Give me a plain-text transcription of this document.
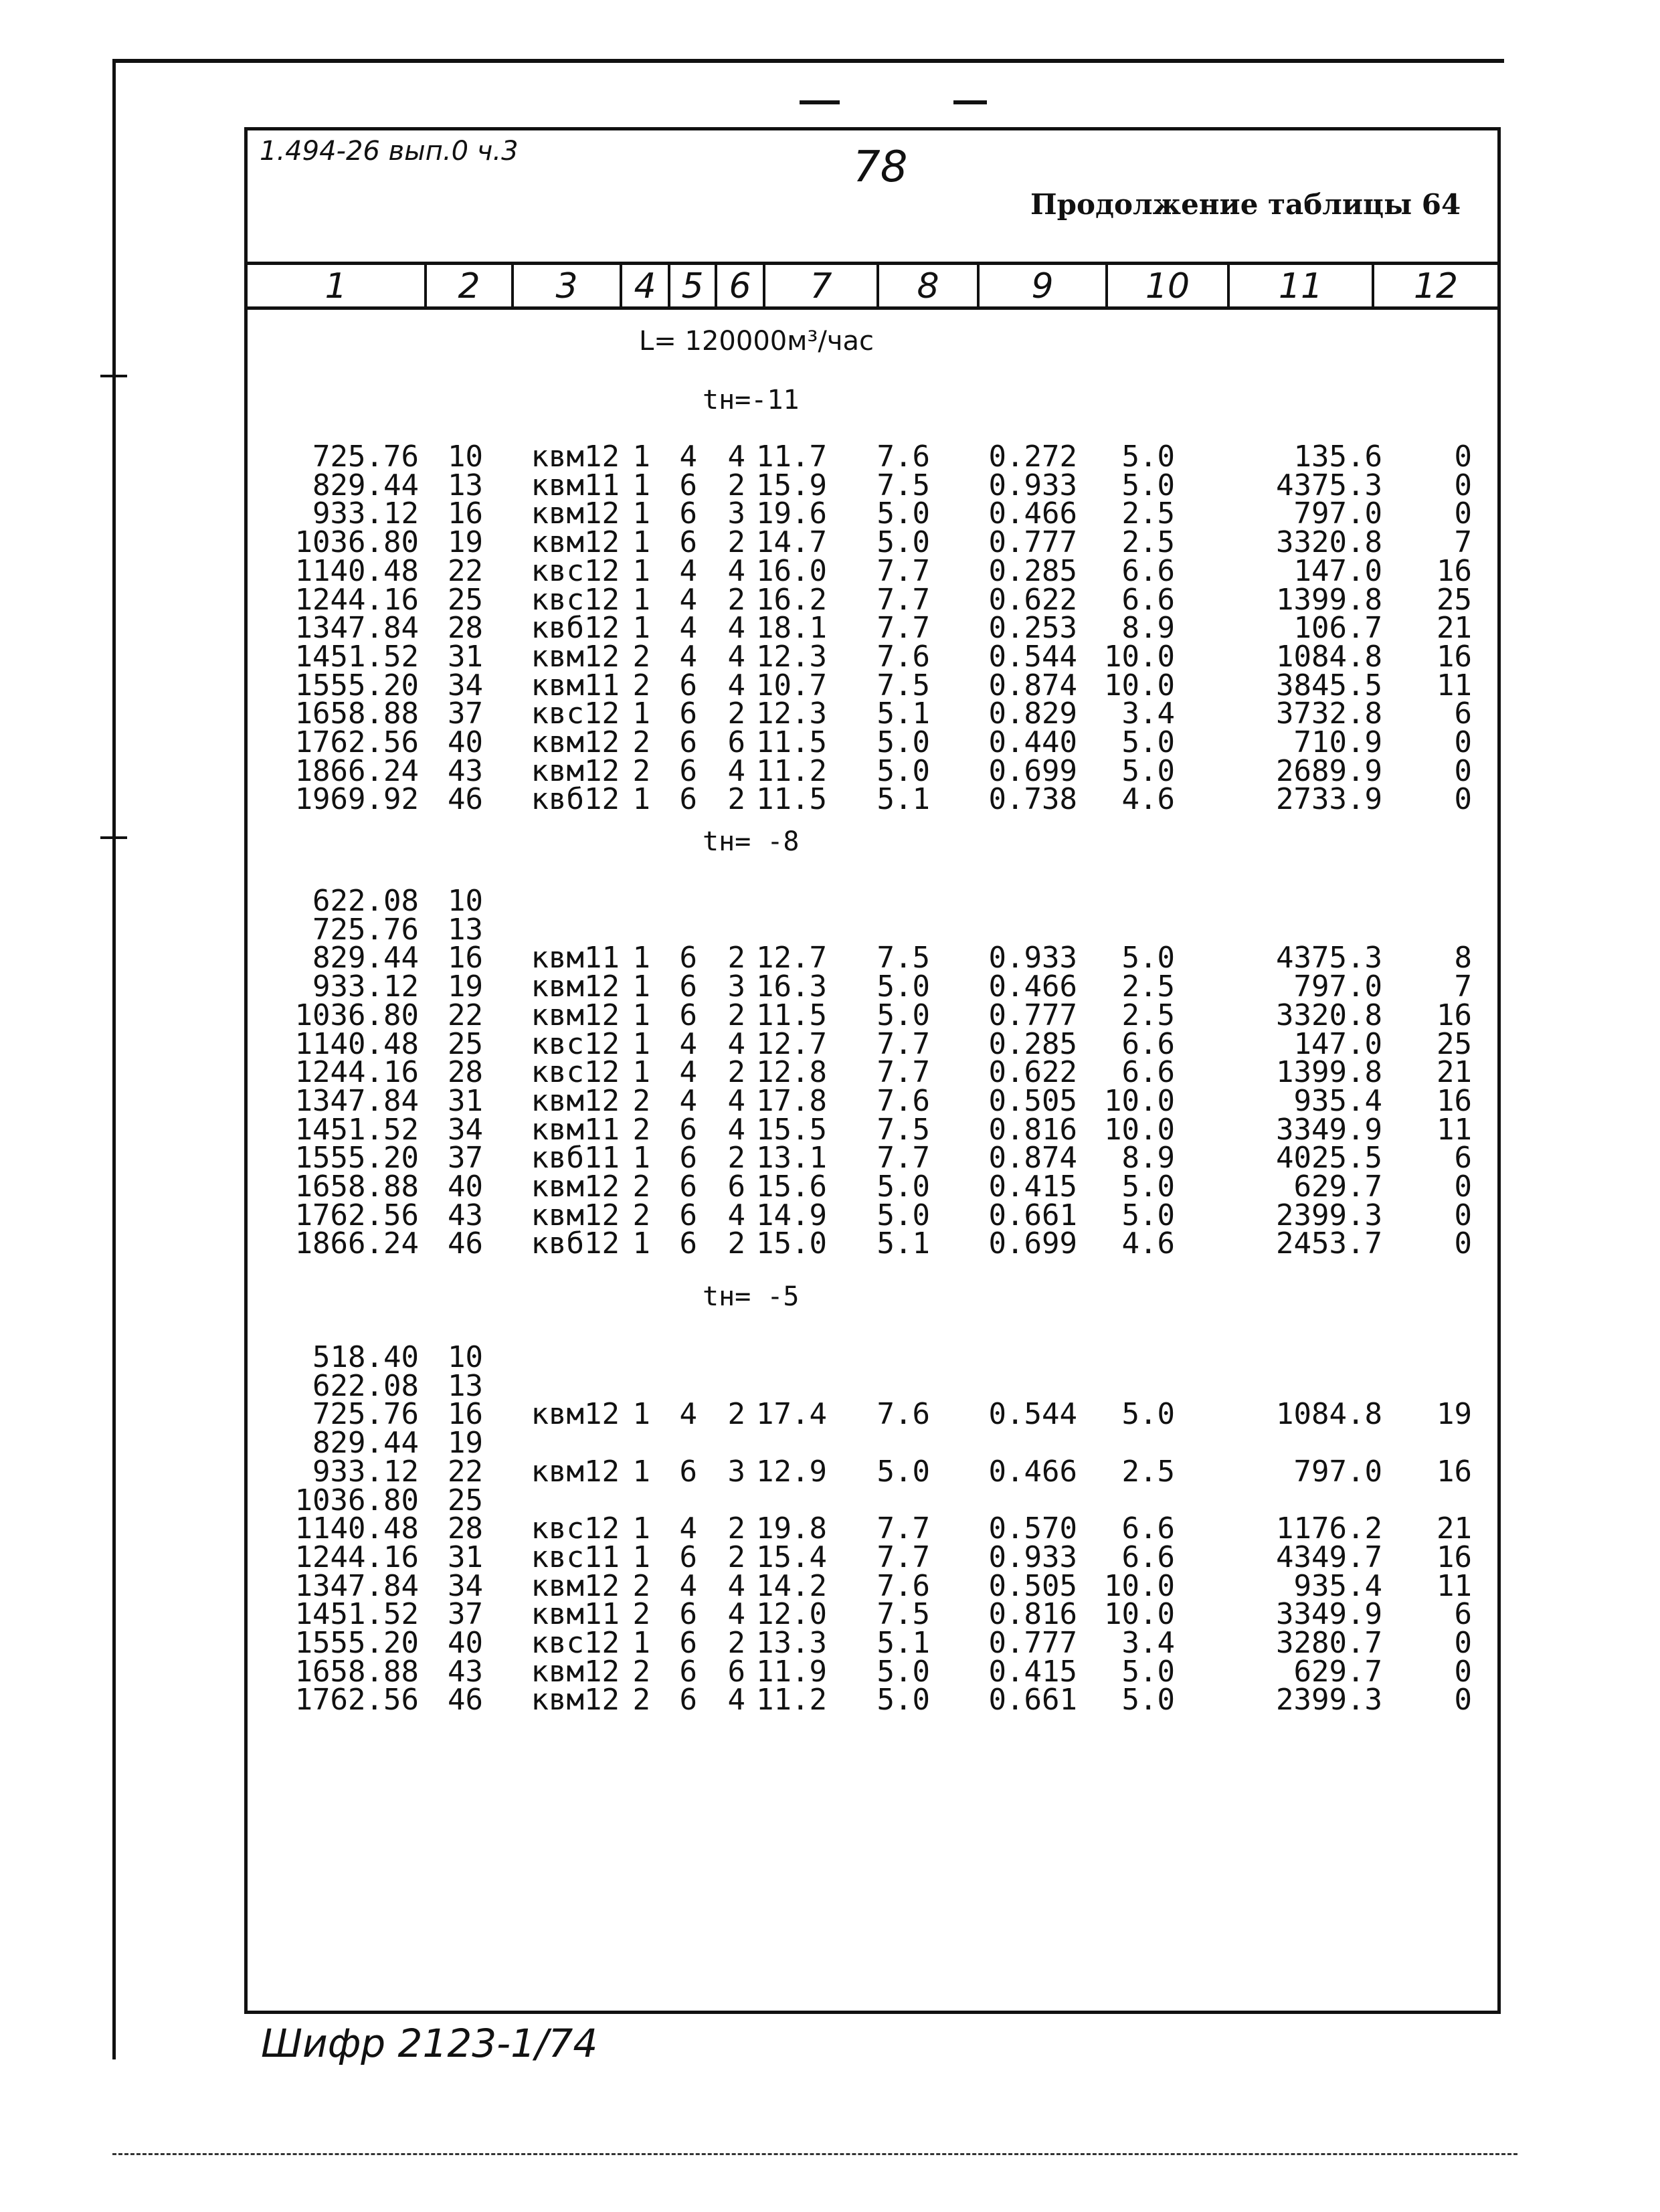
1.494-26 вып.0 ч.3	78
Продолжение таблицы 64
1	2	3	4 5 6	7	8	9	10	11	12
L= 120000м³/час
tн=-11
725.76 10 квм12 1 4 4 11.7 7.6 0.272 5.0	135.6 0
829.44 13 квм11 1 6 2 15.9 7.5 0.933 5.0	4375.3 0
933.12 16 квм12 1 6 3 19.6 5.0 0.466 2.5	797.0 0
1036.80 19 квм12 1 6 2 14.7 5.0 0.777 2.5	3320.8 7
1140.48 22 квс12 1 4 4 16.0 7.7 0.285 6.6	147.0 16
1244.16 25 квс12 1 4 2 16.2 7.7 0.622 6.6	1399.8 25
1347.84 28 квб12 1 4 4 18.1 7.7 0.253 8.9	106.7 21
1451.52 31 квм12 2 4 4 12.3 7.6 0.544 10.0	1084.8 16
1555.20 34 квм11 2 6 4 10.7 7.5 0.874 10.0	3845.5 11
1658.88 37 квс12 1 6 2 12.3 5.1 0.829 3.4	3732.8 6
1762.56 40 квм12 2 6 6 11.5 5.0 0.440 5.0	710.9 0
1866.24 43 квм12 2 6 4 11.2 5.0 0.699 5.0	2689.9 0
1969.92 46 квб12 1 6 2 11.5 5.1 0.738 4.6	2733.9 0
tн= -8
622.08 10
725.76 13
829.44 16 квм11 1 6 2 12.7 7.5 0.933 5.0	4375.3 8
933.12 19 квм12 1 6 3 16.3 5.0 0.466 2.5	797.0 7
1036.80 22 квм12 1 6 2 11.5 5.0 0.777 2.5	3320.8 16
1140.48 25 квс12 1 4 4 12.7 7.7 0.285 6.6	147.0 25
1244.16 28 квс12 1 4 2 12.8 7.7 0.622 6.6	1399.8 21
1347.84 31 квм12 2 4 4 17.8 7.6 0.505 10.0	935.4 16
1451.52 34 квм11 2 6 4 15.5 7.5 0.816 10.0	3349.9 11
1555.20 37 квб11 1 6 2 13.1 7.7 0.874 8.9	4025.5 6
1658.88 40 квм12 2 6 6 15.6 5.0 0.415 5.0	629.7 0
1762.56 43 квм12 2 6 4 14.9 5.0 0.661 5.0	2399.3 0
1866.24 46 квб12 1 6 2 15.0 5.1 0.699 4.6	2453.7 0
tн= -5
518.40 10
622.08 13
725.76 16 квм12 1 4 2 17.4 7.6 0.544 5.0	1084.8 19
829.44 19
933.12 22 квм12 1 6 3 12.9 5.0 0.466 2.5	797.0 16
1036.80 25
1140.48 28 квс12 1 4 2 19.8 7.7 0.570 6.6	1176.2 21
1244.16 31 квс11 1 6 2 15.4 7.7 0.933 6.6	4349.7 16
1347.84 34 квм12 2 4 4 14.2 7.6 0.505 10.0	935.4 11
1451.52 37 квм11 2 6 4 12.0 7.5 0.816 10.0	3349.9 6
1555.20 40 квс12 1 6 2 13.3 5.1 0.777 3.4	3280.7 0
1658.88 43 квм12 2 6 6 11.9 5.0 0.415 5.0	629.7 0
1762.56 46 квм12 2 6 4 11.2 5.0 0.661 5.0	2399.3 0
Шифр 2123-1/74
